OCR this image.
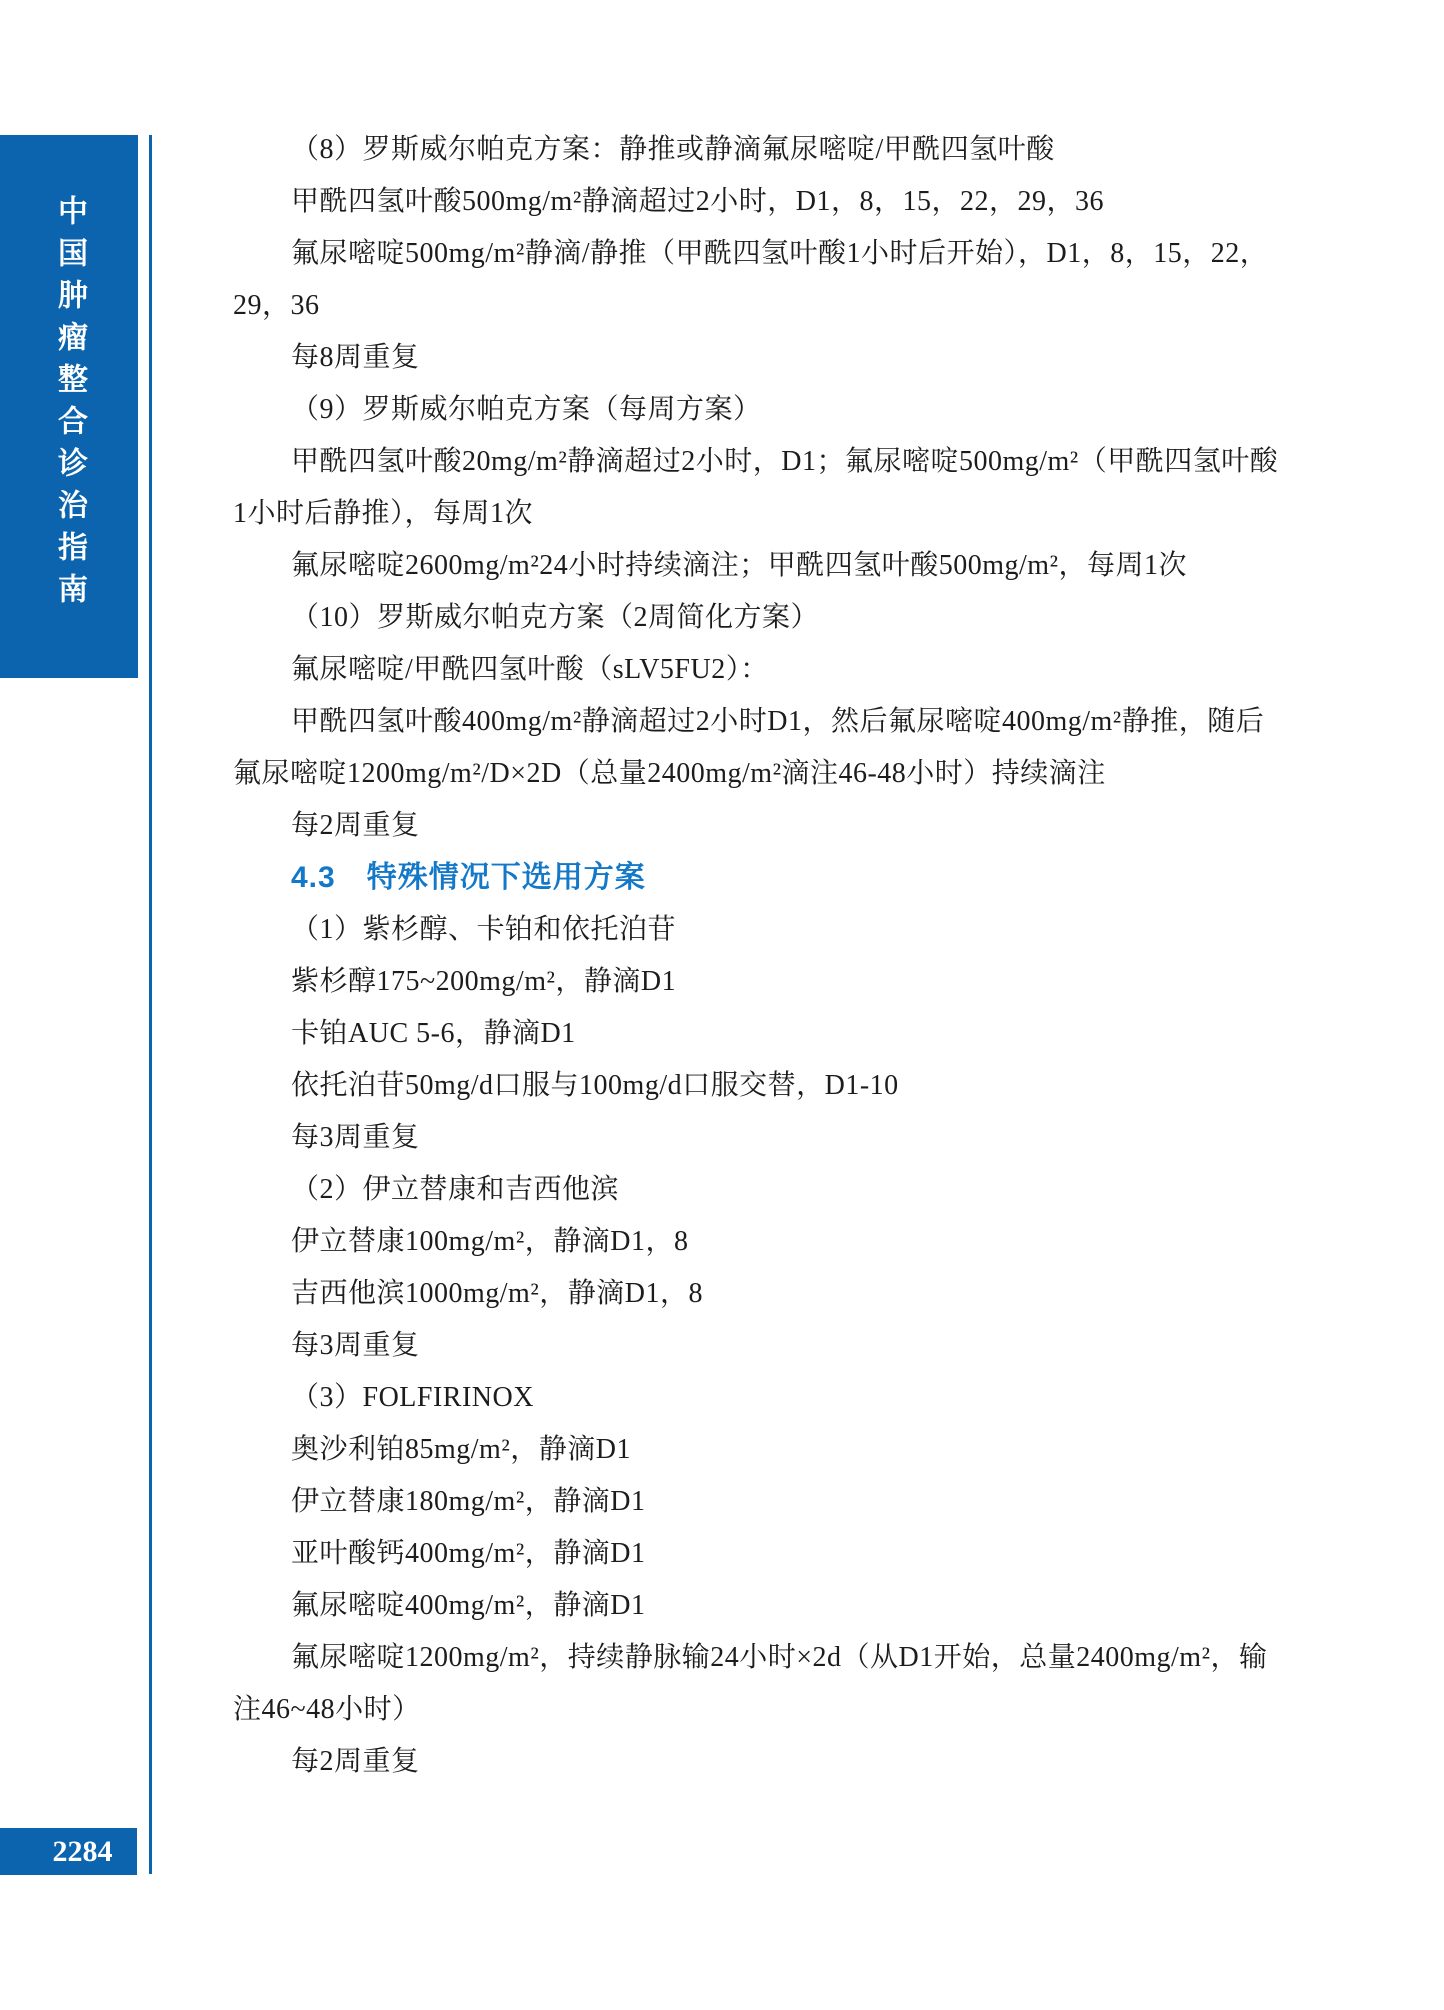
中国肿瘤整合诊治指南
2284
（8）罗斯威尔帕克方案：静推或静滴氟尿嘧啶/甲酰四氢叶酸
甲酰四氢叶酸500mg/m²静滴超过2小时，D1，8，15，22，29，36
氟尿嘧啶500mg/m²静滴/静推（甲酰四氢叶酸1小时后开始），D1，8，15，22，
29，36
每8周重复
（9）罗斯威尔帕克方案（每周方案）
甲酰四氢叶酸20mg/m²静滴超过2小时，D1；氟尿嘧啶500mg/m²（甲酰四氢叶酸
1小时后静推），每周1次
氟尿嘧啶2600mg/m²24小时持续滴注；甲酰四氢叶酸500mg/m²，每周1次
（10）罗斯威尔帕克方案（2周简化方案）
氟尿嘧啶/甲酰四氢叶酸（sLV5FU2）：
甲酰四氢叶酸400mg/m²静滴超过2小时D1，然后氟尿嘧啶400mg/m²静推，随后
氟尿嘧啶1200mg/m²/D×2D（总量2400mg/m²滴注46-48小时）持续滴注
每2周重复
4.3　特殊情况下选用方案
（1）紫杉醇、卡铂和依托泊苷
紫杉醇175~200mg/m²，静滴D1
卡铂AUC 5-6，静滴D1
依托泊苷50mg/d口服与100mg/d口服交替，D1-10
每3周重复
（2）伊立替康和吉西他滨
伊立替康100mg/m²，静滴D1，8
吉西他滨1000mg/m²，静滴D1，8
每3周重复
（3）FOLFIRINOX
奥沙利铂85mg/m²，静滴D1
伊立替康180mg/m²，静滴D1
亚叶酸钙400mg/m²，静滴D1
氟尿嘧啶400mg/m²，静滴D1
氟尿嘧啶1200mg/m²，持续静脉输24小时×2d（从D1开始，总量2400mg/m²，输
注46~48小时）
每2周重复
